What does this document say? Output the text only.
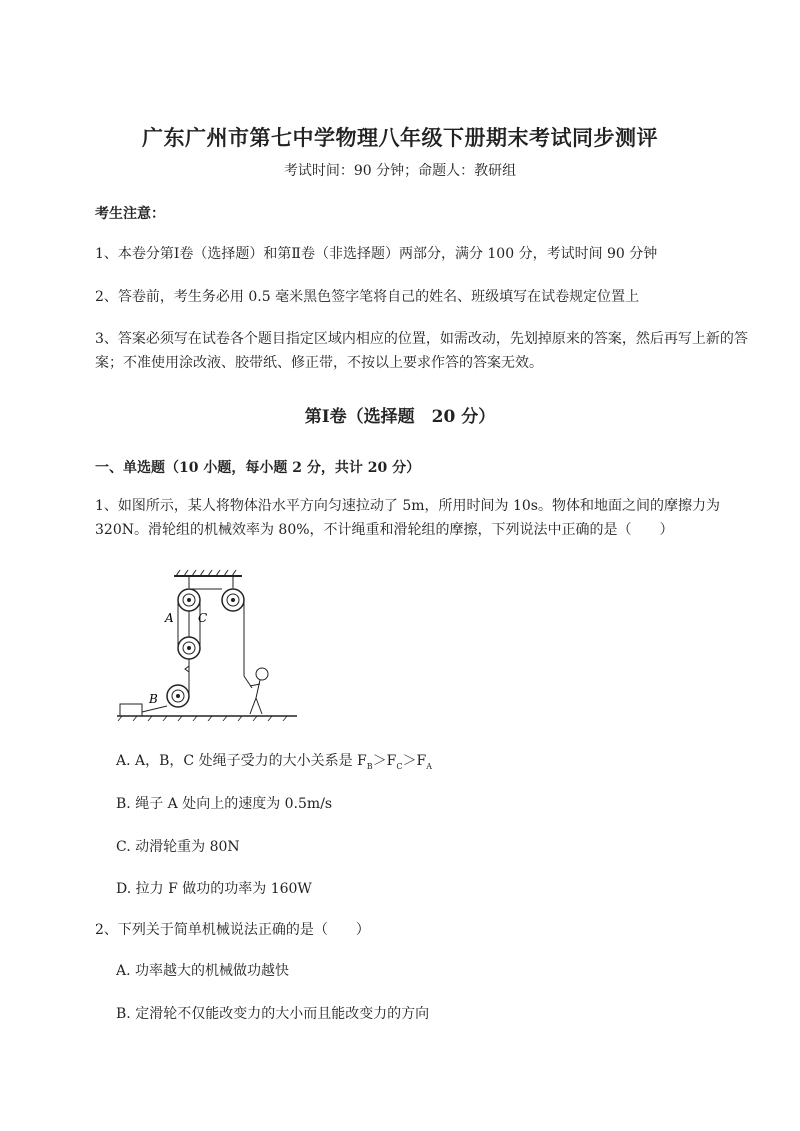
广东广州市第七中学物理八年级下册期末考试同步测评
考试时间：90 分钟；命题人：教研组
考生注意：
1、本卷分第Ⅰ卷（选择题）和第Ⅱ卷（非选择题）两部分，满分 100 分，考试时间 90 分钟
2、答卷前，考生务必用 0.5 毫米黑色签字笔将自己的姓名、班级填写在试卷规定位置上
3、答案必须写在试卷各个题目指定区域内相应的位置，如需改动，先划掉原来的答案，然后再写上新的答案；不准使用涂改液、胶带纸、修正带，不按以上要求作答的答案无效。
第Ⅰ卷（选择题　20 分）
一、单选题（10 小题，每小题 2 分，共计 20 分）
1、如图所示，某人将物体沿水平方向匀速拉动了 5m，所用时间为 10s。物体和地面之间的摩擦力为 320N。滑轮组的机械效率为 80%，不计绳重和滑轮组的摩擦，下列说法中正确的是（　　）
A C
B
A. A，B，C 处绳子受力的大小关系是 $F_B>F_C>F_A$
B. 绳子 A 处向上的速度为 0.5m/s
C. 动滑轮重为 80N
D. 拉力 F 做功的功率为 160W
2、下列关于简单机械说法正确的是（　　）
A. 功率越大的机械做功越快
B. 定滑轮不仅能改变力的大小而且能改变力的方向
